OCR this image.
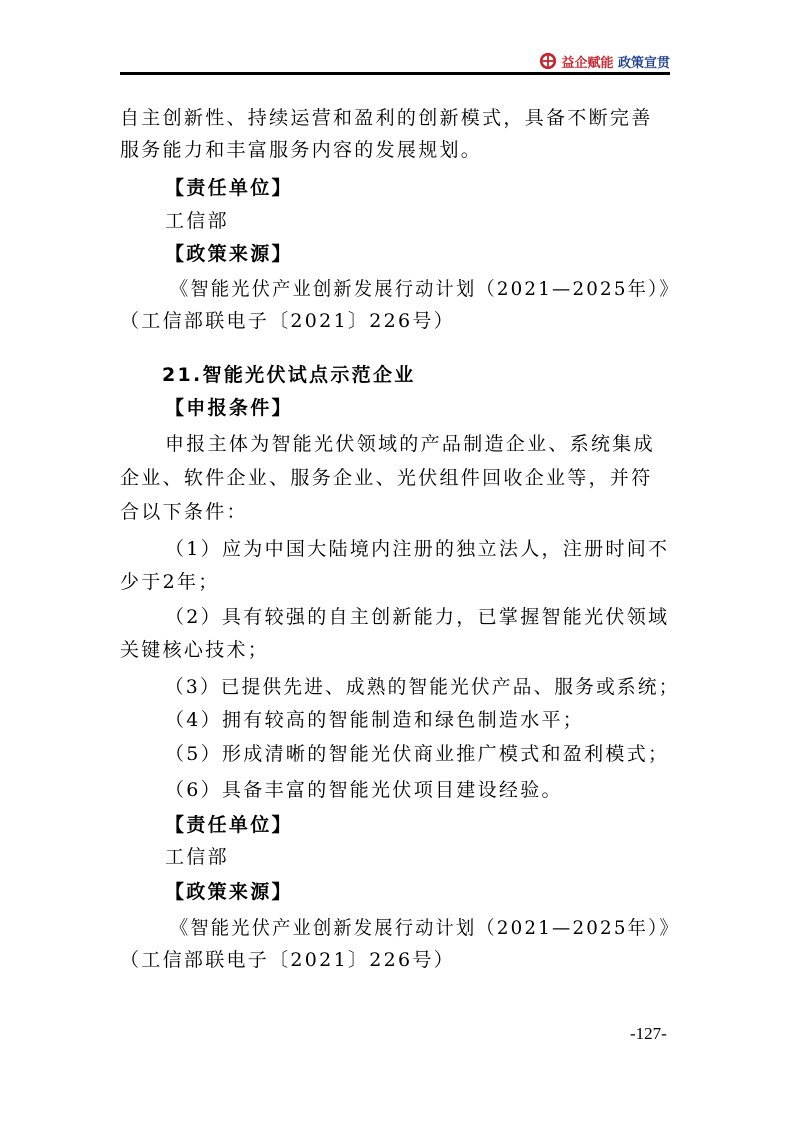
益企赋能 政策宣贯
自主创新性、持续运营和盈利的创新模式，具备不断完善
服务能力和丰富服务内容的发展规划。
【责任单位】
工信部
【政策来源】
《智能光伏产业创新发展行动计划（2021—2025年）》
（工信部联电子〔2021〕226号）
21.智能光伏试点示范企业
【申报条件】
申报主体为智能光伏领域的产品制造企业、系统集成
企业、软件企业、服务企业、光伏组件回收企业等，并符
合以下条件：
（1）应为中国大陆境内注册的独立法人，注册时间不
少于2年；
（2）具有较强的自主创新能力，已掌握智能光伏领域
关键核心技术；
（3）已提供先进、成熟的智能光伏产品、服务或系统；
（4）拥有较高的智能制造和绿色制造水平；
（5）形成清晰的智能光伏商业推广模式和盈利模式；
（6）具备丰富的智能光伏项目建设经验。
【责任单位】
工信部
【政策来源】
《智能光伏产业创新发展行动计划（2021—2025年）》
（工信部联电子〔2021〕226号）
-127-
